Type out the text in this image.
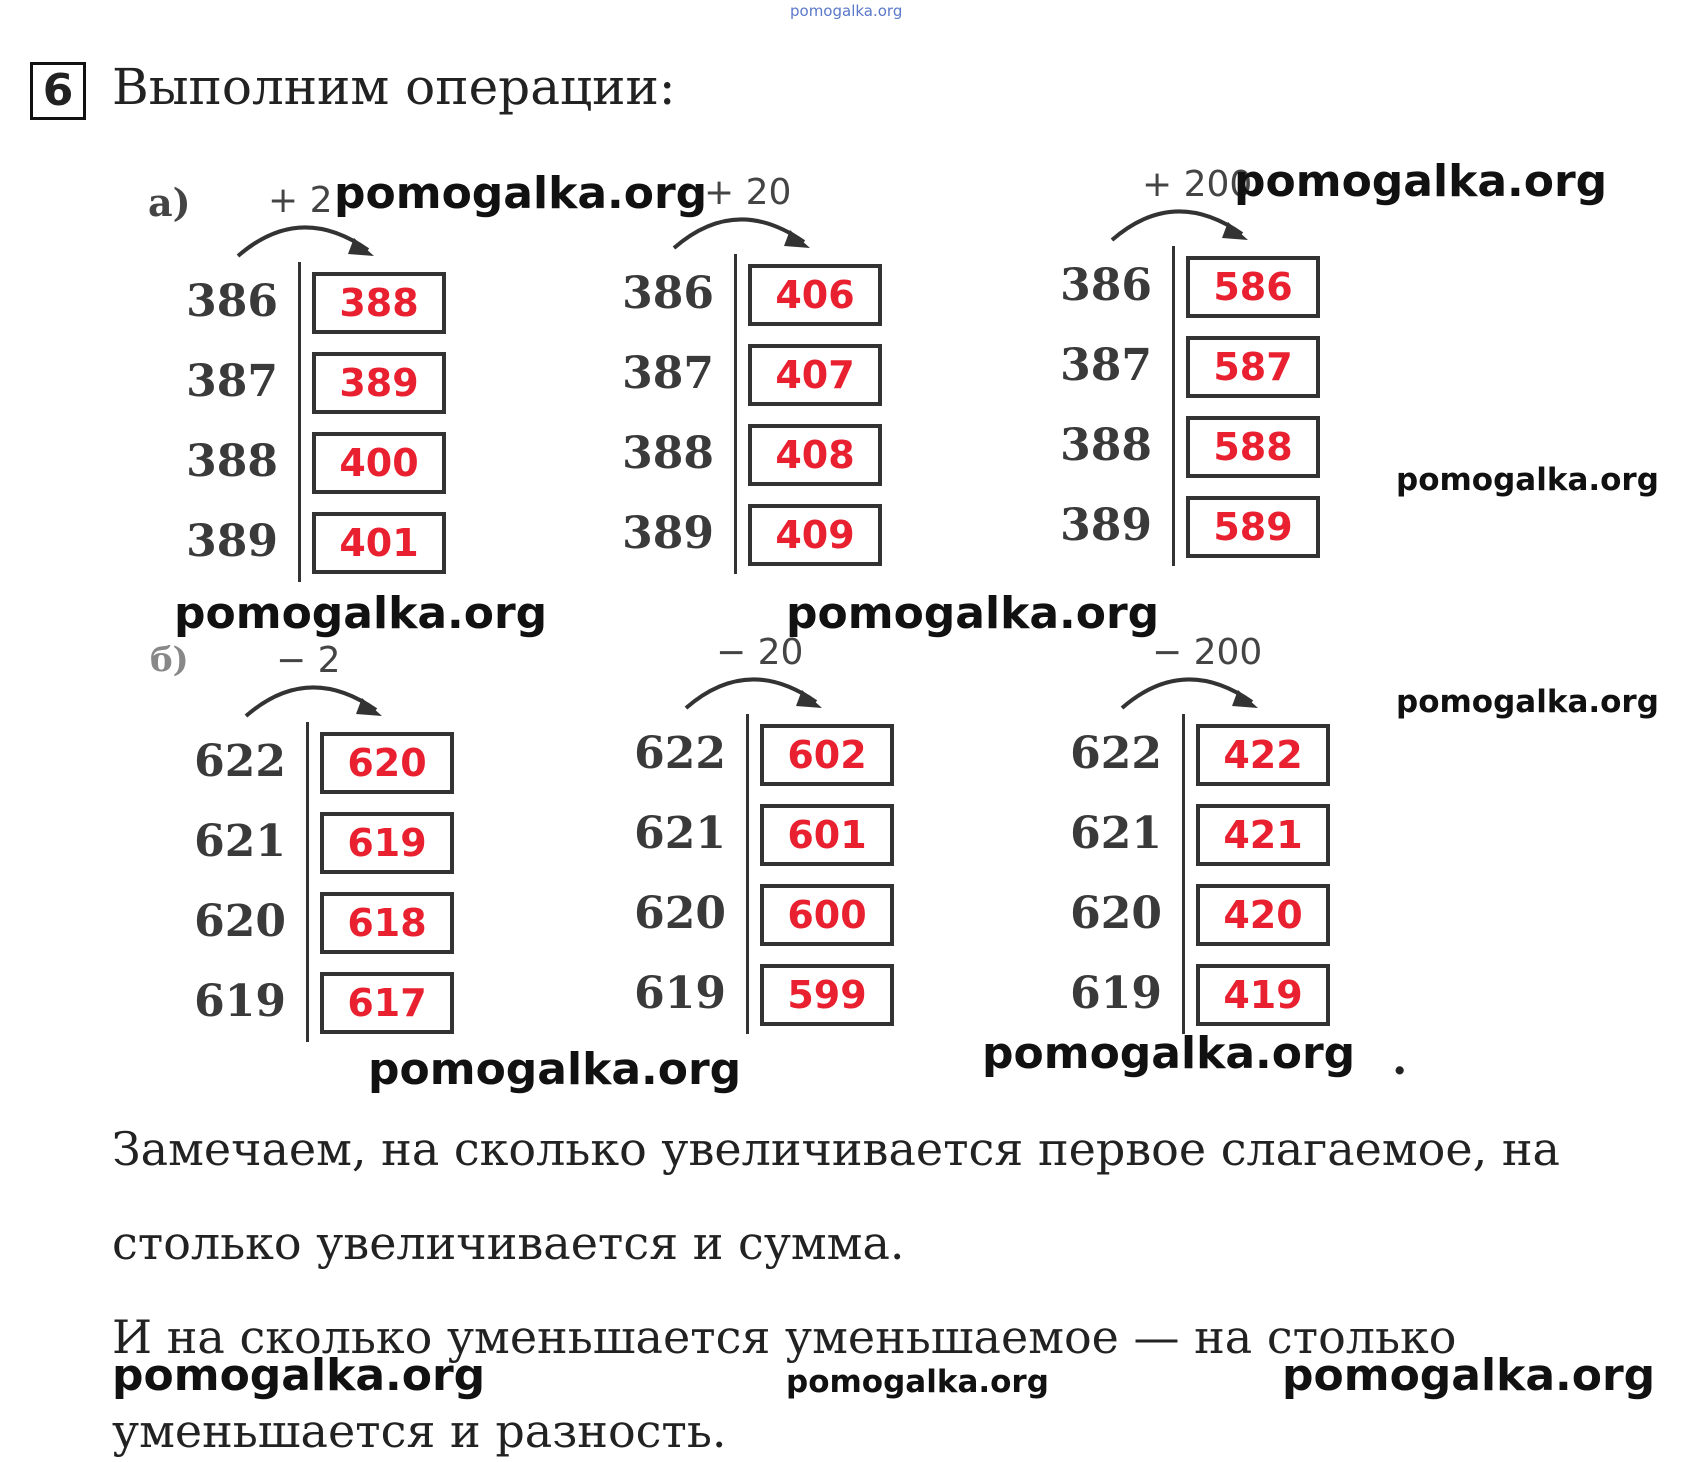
pomogalka.org
6 Выполним операции:
а)
б)
+ 2
386	388
387	389
388	400
389	401
+ 20
386	406
387	407
388	408
389	409
+ 200
386	586
387	587
388	588
389	589
− 2
622	620
621	619
620	618
619	617
− 20
622	602
621	601
620	600
619	599
− 200
622	422
621	421
620	420
619	419
pomogalka.org	pomogalka.org
pomogalka.org
pomogalka.org	pomogalka.org
pomogalka.org
pomogalka.org	pomogalka.org .
Замечаем, на сколько увеличивается первое слагаемое, на
столько увеличивается и сумма.
И на сколько уменьшается уменьшаемое — на столько
уменьшается и разность.
pomogalka.org	pomogalka.org	pomogalka.org
